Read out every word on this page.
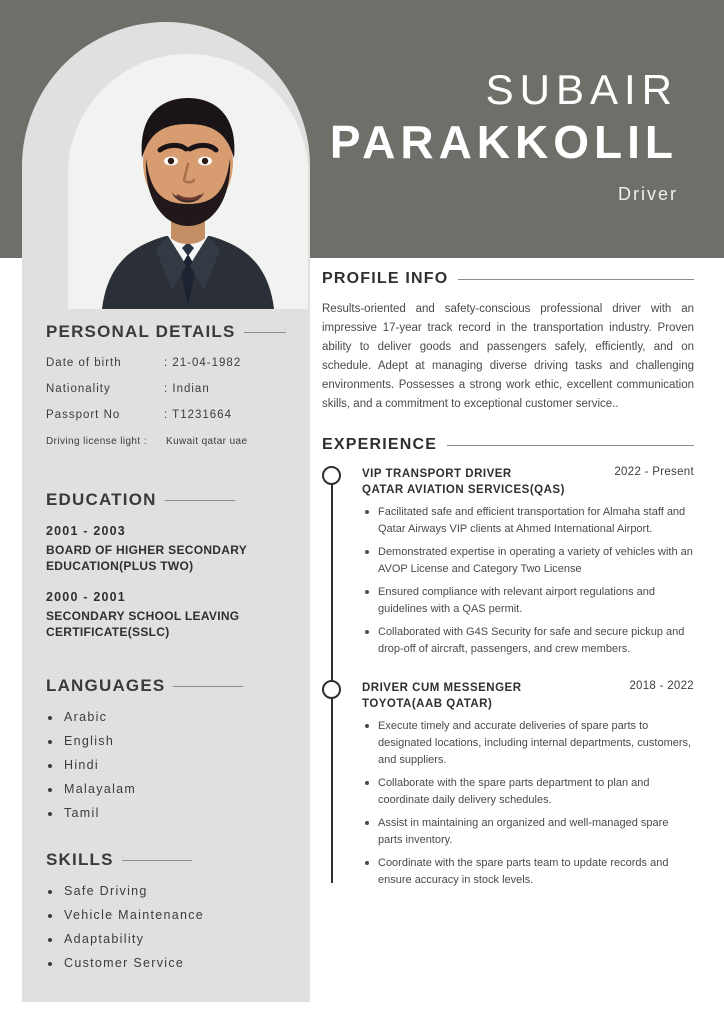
SUBAIR
PARAKKOLIL
Driver
PERSONAL DETAILS
Date of birth	: 21-04-1982
Nationality	: Indian
Passport No	: T1231664
Driving license light :	Kuwait qatar uae
EDUCATION
2001 - 2003
BOARD OF HIGHER SECONDARY EDUCATION(PLUS TWO)
2000 - 2001
SECONDARY SCHOOL LEAVING CERTIFICATE(SSLC)
LANGUAGES
Arabic
English
Hindi
Malayalam
Tamil
SKILLS
Safe Driving
Vehicle Maintenance
Adaptability
Customer Service
PROFILE INFO

Results-oriented and safety-conscious professional driver with an impressive 17-year track record in the transportation industry. Proven ability to deliver goods and passengers safely, efficiently, and on schedule. Adept at managing diverse driving tasks and challenging environments. Possesses a strong work ethic, excellent communication skills, and a commitment to exceptional customer service..

EXPERIENCE
VIP TRANSPORT DRIVER	2022 - Present
QATAR AVIATION SERVICES(QAS)
Facilitated safe and efficient transportation for Almaha staff and Qatar Airways VIP clients at Ahmed International Airport.
Demonstrated expertise in operating a variety of vehicles with an AVOP License and Category Two License
Ensured compliance with relevant airport regulations and guidelines with a QAS permit.
Collaborated with G4S Security for safe and secure pickup and drop-off of aircraft, passengers, and crew members.
DRIVER CUM MESSENGER	2018 - 2022
TOYOTA(AAB QATAR)
Execute timely and accurate deliveries of spare parts to designated locations, including internal departments, customers, and suppliers.
Collaborate with the spare parts department to plan and coordinate daily delivery schedules.
Assist in maintaining an organized and well-managed spare parts inventory.
Coordinate with the spare parts team to update records and ensure accuracy in stock levels.
